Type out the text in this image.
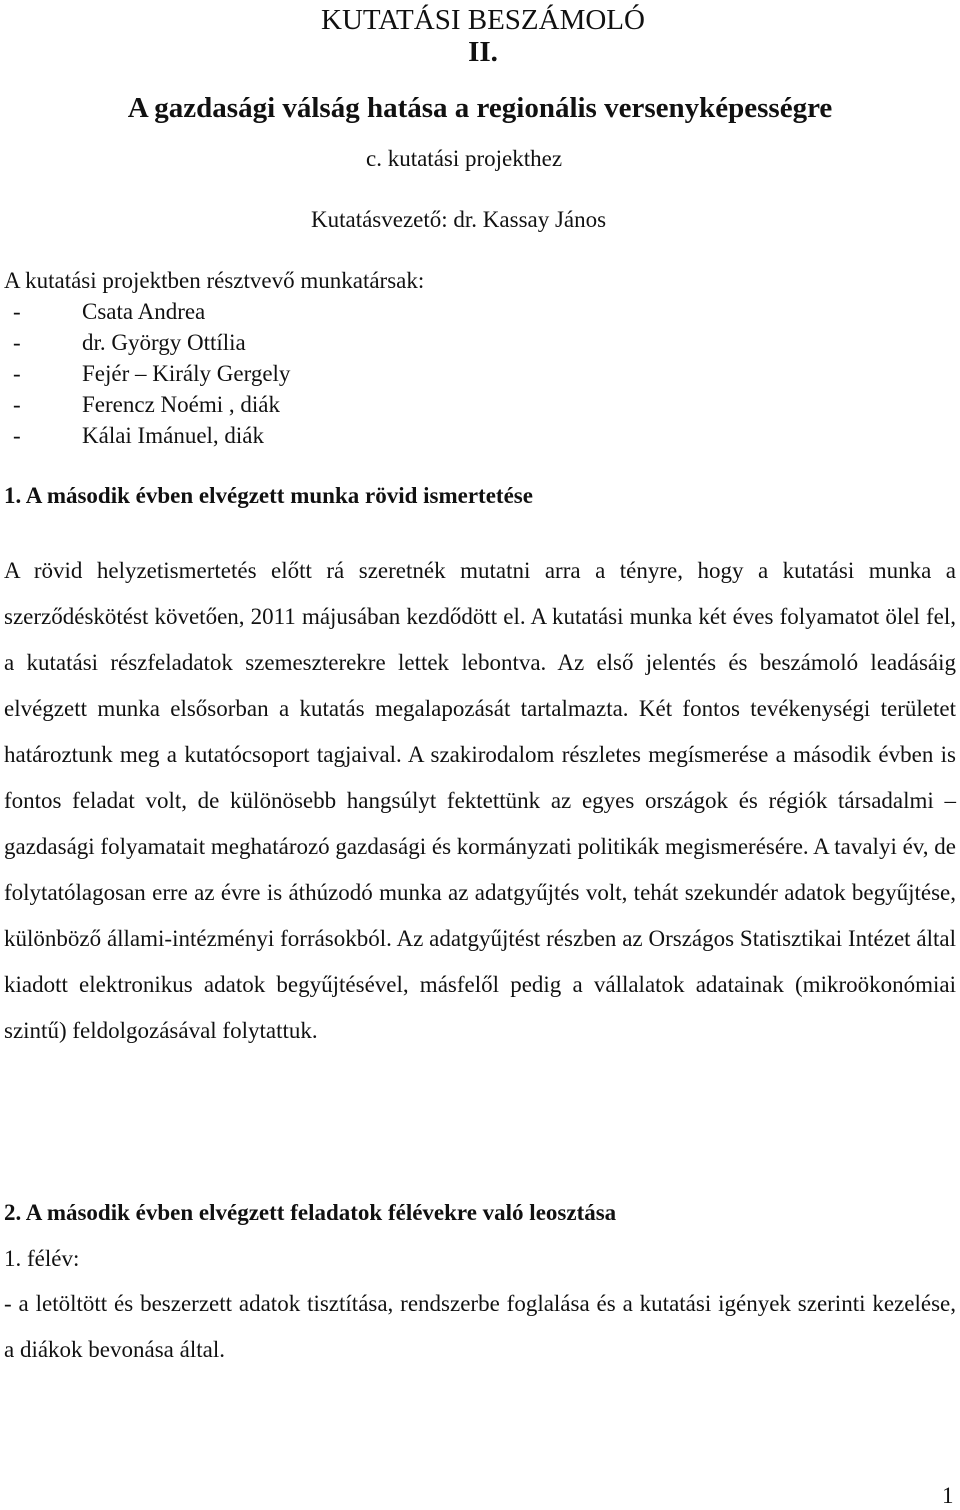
KUTATÁSI BESZÁMOLÓ
II.
A gazdasági válság hatása a regionális versenyképességre
c. kutatási projekthez
Kutatásvezető: dr. Kassay János
A kutatási projektben résztvevő munkatársak:
-	Csata Andrea
-	dr. György Ottília
-	Fejér – Király Gergely
-	Ferencz Noémi , diák
-	Kálai Imánuel, diák
1. A második évben elvégzett munka rövid ismertetése

A rövid helyzetismertetés előtt rá szeretnék mutatni arra a tényre, hogy a kutatási munka a szerződéskötést követően, 2011 májusában kezdődött el. A kutatási munka két éves folyamatot ölel fel, a kutatási részfeladatok szemeszterekre lettek lebontva. Az első jelentés és beszámoló leadásáig elvégzett munka elsősorban a kutatás megalapozását tartalmazta. Két fontos tevékenységi területet határoztunk meg a kutatócsoport tagjaival. A szakirodalom részletes megísmerése a második évben is fontos feladat volt, de különösebb hangsúlyt fektettünk az egyes országok és régiók társadalmi – gazdasági folyamatait meghatározó gazdasági és kormányzati politikák megismerésére. A tavalyi év, de folytatólagosan erre az évre is áthúzodó munka az adatgyűjtés volt, tehát szekundér adatok begyűjtése, különböző állami-intézményi forrásokból. Az adatgyűjtést részben az Országos Statisztikai Intézet által kiadott elektronikus adatok begyűjtésével, másfelől pedig a vállalatok adatainak (mikroökonómiai szintű) feldolgozásával folytattuk.

2. A második évben elvégzett feladatok félévekre való leosztása
1. félév:

- a letöltött és beszerzett adatok tisztítása, rendszerbe foglalása és a kutatási igények szerinti kezelése, a diákok bevonása által.

1
